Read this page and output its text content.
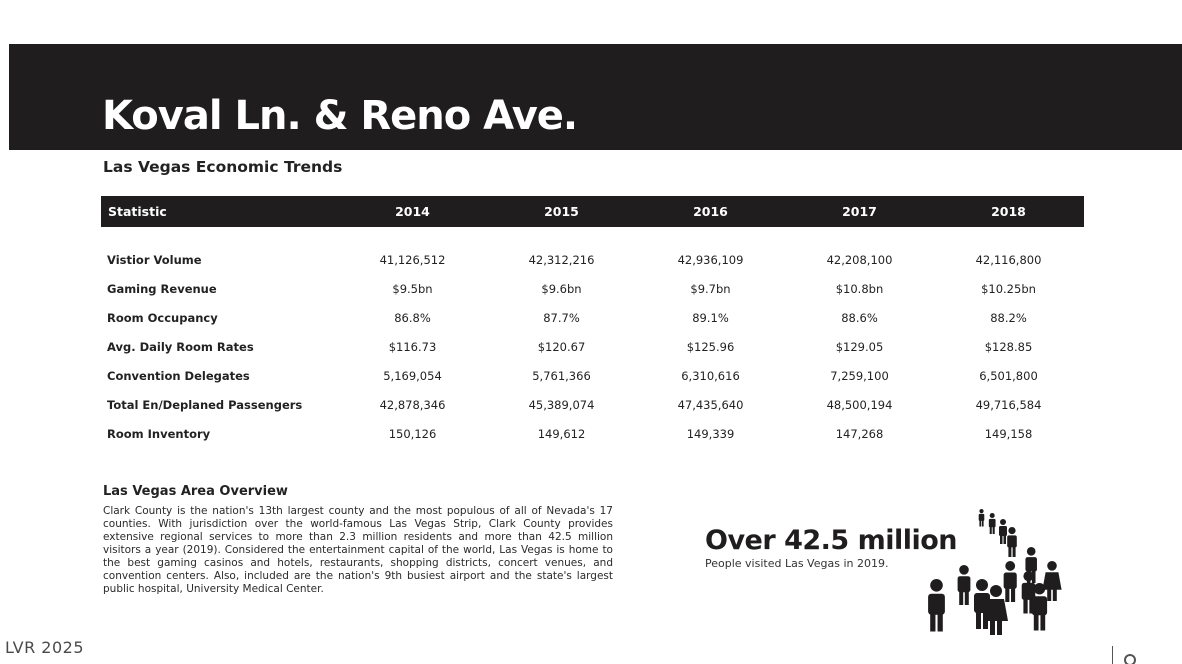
Koval Ln. & Reno Ave.
Las Vegas Economic Trends
Statistic	2014	2015	2016	2017	2018
Vistior Volume	41,126,512	42,312,216	42,936,109	42,208,100	42,116,800
Gaming Revenue	$9.5bn	$9.6bn	$9.7bn	$10.8bn	$10.25bn
Room Occupancy	86.8%	87.7%	89.1%	88.6%	88.2%
Avg. Daily Room Rates	$116.73	$120.67	$125.96	$129.05	$128.85
Convention Delegates	5,169,054	5,761,366	6,310,616	7,259,100	6,501,800
Total En/Deplaned Passengers	42,878,346	45,389,074	47,435,640	48,500,194	49,716,584
Room Inventory	150,126	149,612	149,339	147,268	149,158
Las Vegas Area Overview
Clark County is the nation's 13th largest county and the most populous of all of Nevada's 17 counties. With jurisdiction over the world-famous Las Vegas Strip, Clark County provides extensive regional services to more than 2.3 million residents and more than 42.5 million visitors a year (2019). Considered the entertainment capital of the world, Las Vegas is home to the best gaming casinos and hotels, restaurants, shopping districts, concert venues, and convention centers. Also, included are the nation's 9th busiest airport and the state's largest public hospital, University Medical Center.
Over 42.5 million
People visited Las Vegas in 2019.
LVR 2025
